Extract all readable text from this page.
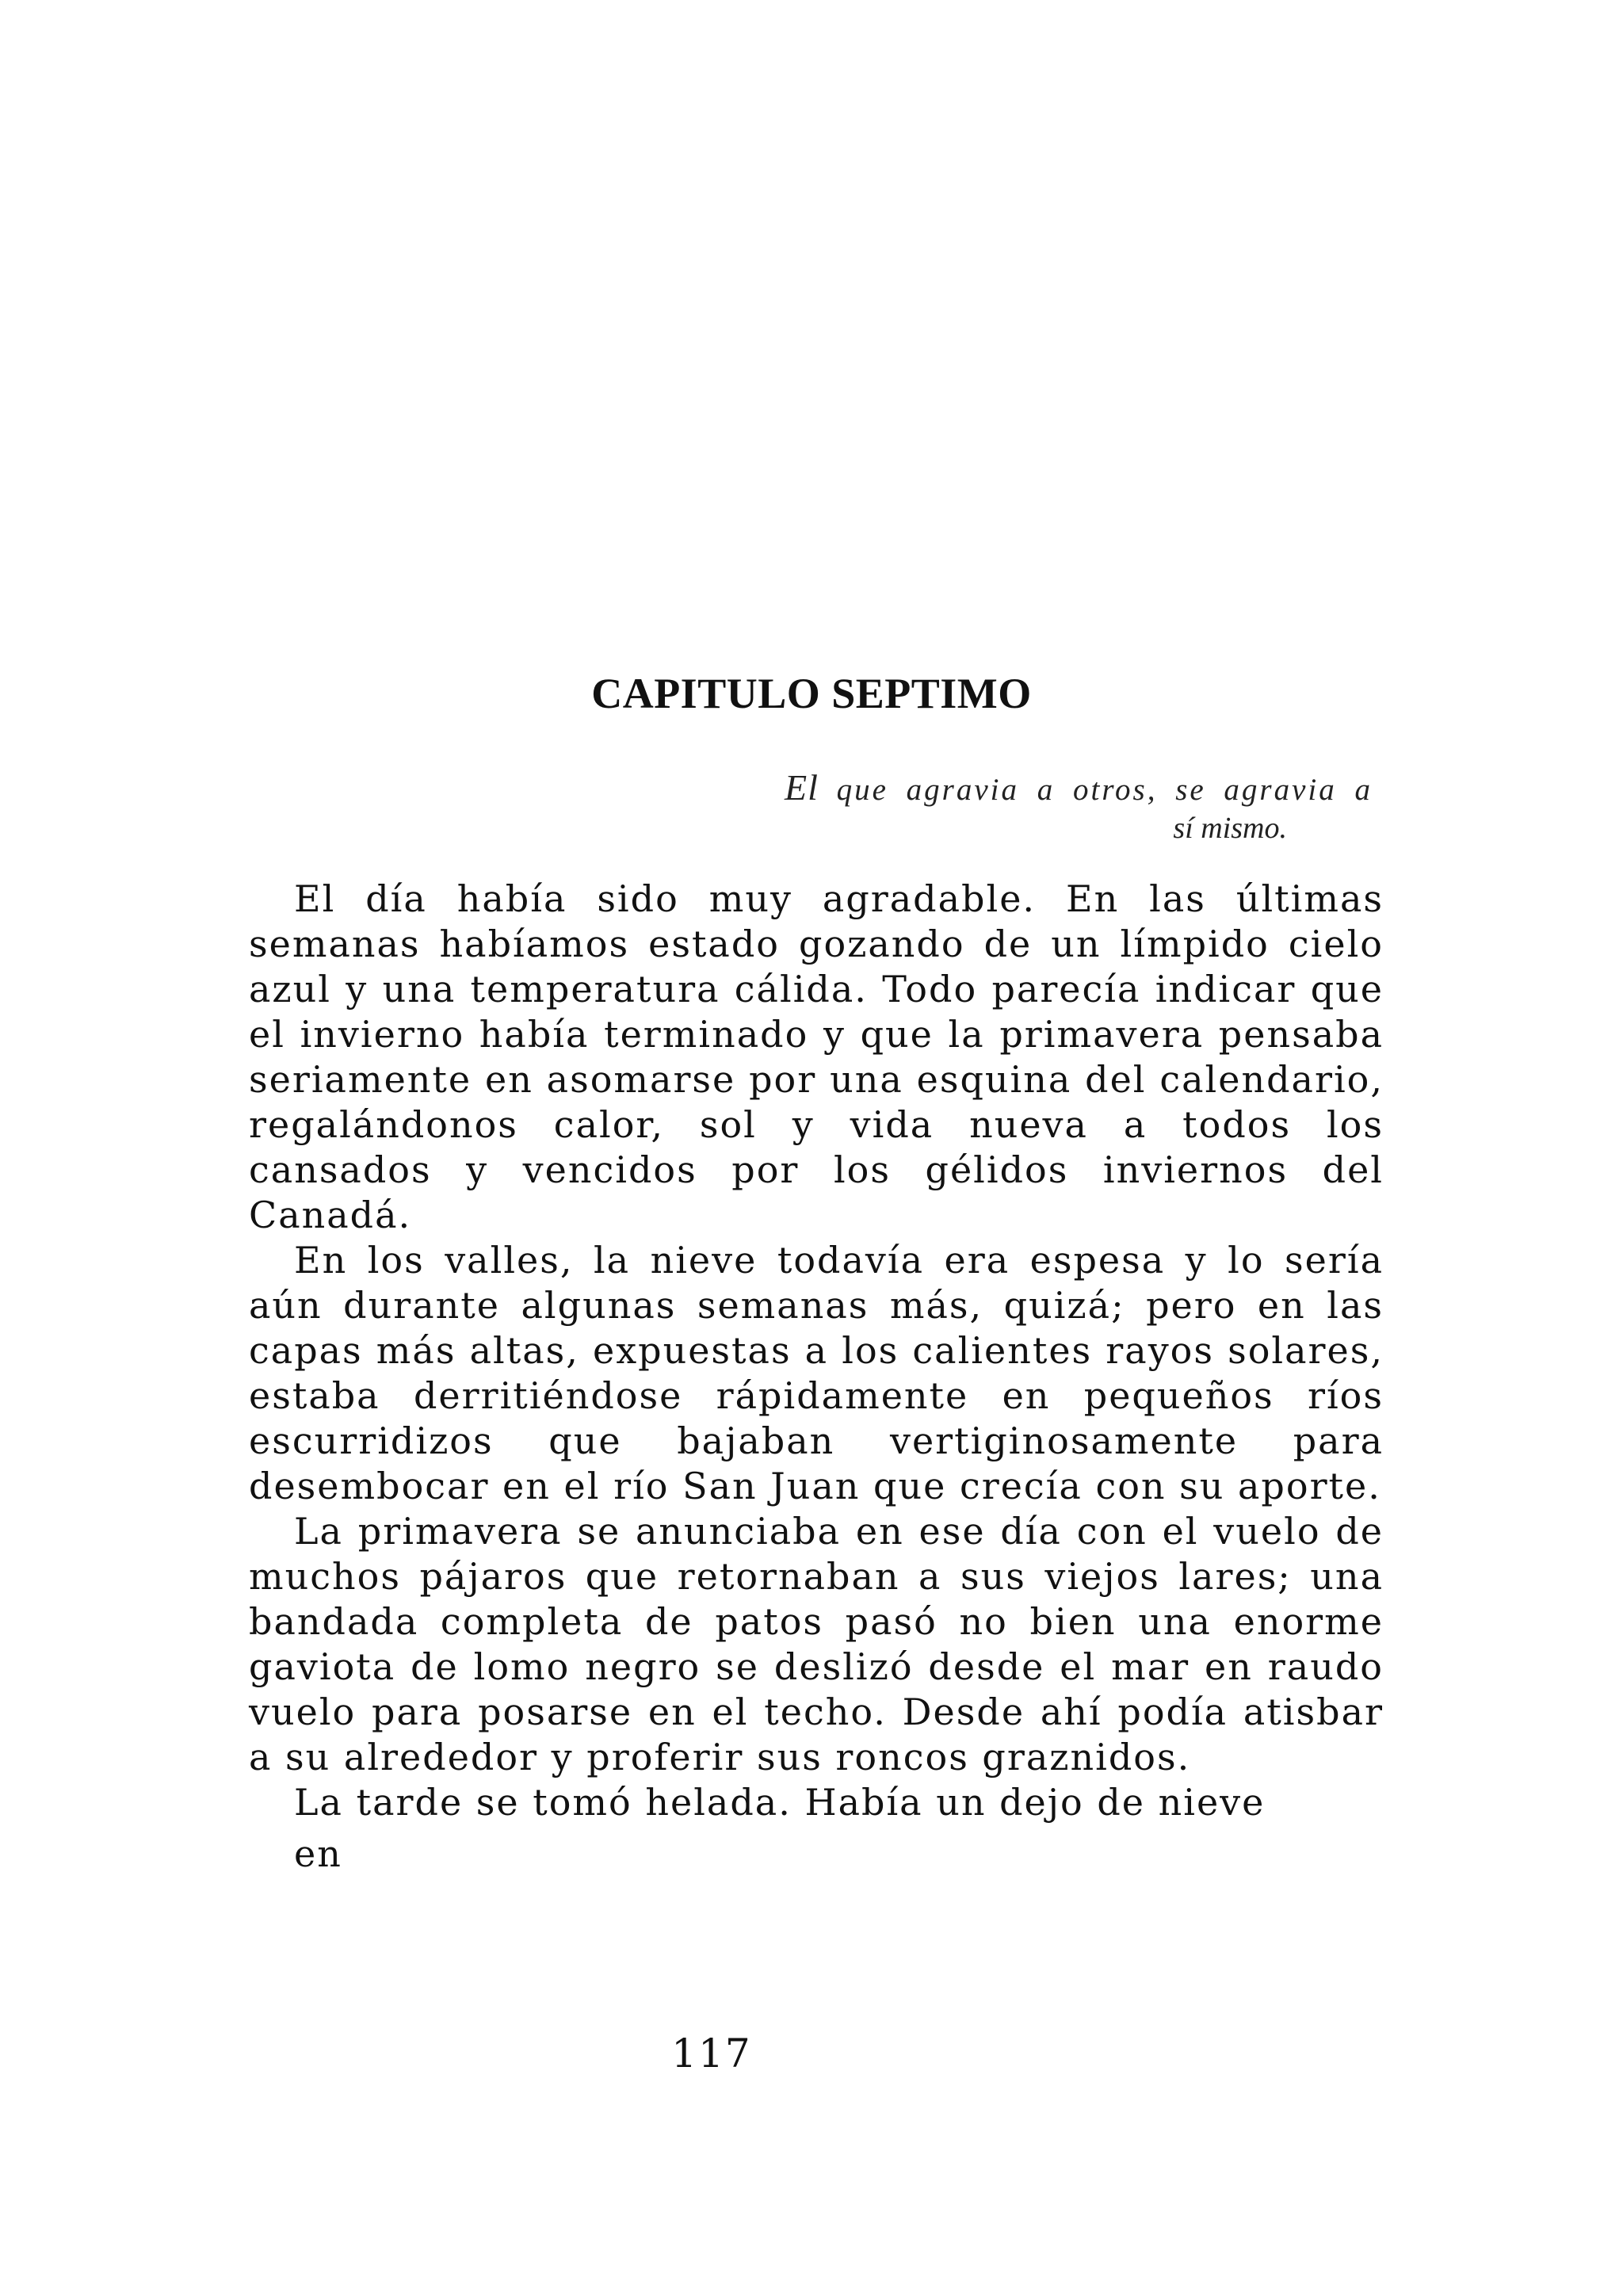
CAPITULO SEPTIMO
El que agravia a otros, se agravia a
sí mismo.

El día había sido muy agradable. En las últimas semanas habíamos estado gozando de un límpido cielo azul y una temperatura cálida. Todo parecía indicar que el invierno había terminado y que la primavera pensaba seriamente en asomarse por una esquina del calendario, regalándonos calor, sol y vida nueva a todos los cansados y vencidos por los gélidos inviernos del Canadá.

En los valles, la nieve todavía era espesa y lo sería aún durante algunas semanas más, quizá; pero en las capas más altas, expuestas a los calientes rayos solares, estaba derritiéndose rápidamente en pequeños ríos escurridizos que bajaban vertiginosamente para desembocar en el río San Juan que crecía con su aporte.

La primavera se anunciaba en ese día con el vuelo de muchos pájaros que retornaban a sus viejos lares; una bandada completa de patos pasó no bien una enorme gaviota de lomo negro se deslizó desde el mar en raudo vuelo para posarse en el techo. Desde ahí podía atisbar a su alrededor y proferir sus roncos graznidos.

La tarde se tomó helada. Había un dejo de nieve

en

117
